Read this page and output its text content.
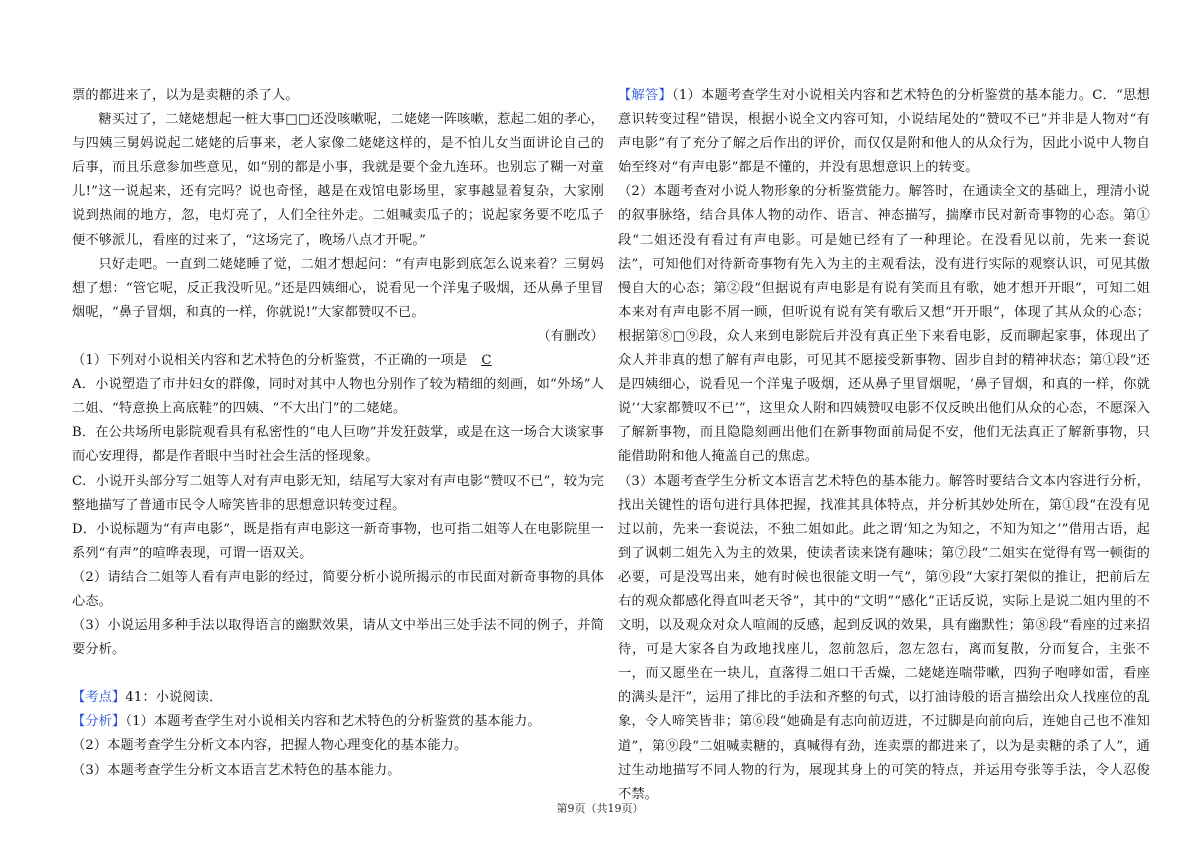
票的都进来了，以为是卖糖的杀了人。

糖买过了，二姥姥想起一桩大事□□还没咳嗽呢，二姥姥一阵咳嗽，惹起二姐的孝心，与四姨三舅妈说起二姥姥的后事来，老人家像二姥姥这样的，是不怕儿女当面讲论自己的后事，而且乐意参加些意见，如“别的都是小事，我就是要个金九连环。也别忘了糊一对童儿!”这一说起来，还有完吗？说也奇怪，越是在戏馆电影场里，家事越显着复杂，大家刚说到热闹的地方，忽，电灯亮了，人们全往外走。二姐喊卖瓜子的；说起家务要不吃瓜子便不够派儿，看座的过来了，“这场完了，晚场八点才开呢。”

只好走吧。一直到二姥姥睡了觉，二姐才想起问：“有声电影到底怎么说来着？三舅妈想了想：“管它呢，反正我没听见。”还是四姨细心，说看见一个洋鬼子吸烟，还从鼻子里冒烟呢，“鼻子冒烟，和真的一样，你就说!”大家都赞叹不已。

（有删改）

（1）下列对小说相关内容和艺术特色的分析鉴赏，不正确的一项是 C

A．小说塑造了市井妇女的群像，同时对其中人物也分别作了较为精细的刻画，如“外场”人二姐、“特意换上高底鞋”的四姨、“不大出门”的二姥姥。

B．在公共场所电影院观看具有私密性的“电人巨吻”并发狂鼓掌，或是在这一场合大谈家事而心安理得，都是作者眼中当时社会生活的怪现象。

C．小说开头部分写二姐等人对有声电影无知，结尾写大家对有声电影“赞叹不已”，较为完整地描写了普通市民令人啼笑皆非的思想意识转变过程。

D．小说标题为“有声电影”，既是指有声电影这一新奇事物，也可指二姐等人在电影院里一系列“有声”的喧哗表现，可谓一语双关。

（2）请结合二姐等人看有声电影的经过，简要分析小说所揭示的市民面对新奇事物的具体心态。

（3）小说运用多种手法以取得语言的幽默效果，请从文中举出三处手法不同的例子，并简要分析。

【考点】41：小说阅读．

【分析】（1）本题考查学生对小说相关内容和艺术特色的分析鉴赏的基本能力。

（2）本题考查学生分析文本内容，把握人物心理变化的基本能力。

（3）本题考查学生分析文本语言艺术特色的基本能力。

【解答】（1）本题考查学生对小说相关内容和艺术特色的分析鉴赏的基本能力。C．“思想意识转变过程”错误，根据小说全文内容可知，小说结尾处的“赞叹不已”并非是人物对“有声电影”有了充分了解之后作出的评价，而仅仅是附和他人的从众行为，因此小说中人物自始至终对“有声电影”都是不懂的，并没有思想意识上的转变。

（2）本题考查对小说人物形象的分析鉴赏能力。解答时，在通读全文的基础上，理清小说的叙事脉络，结合具体人物的动作、语言、神态描写，揣摩市民对新奇事物的心态。第①段“二姐还没有看过有声电影。可是她已经有了一种理论。在没看见以前，先来一套说法”，可知他们对待新奇事物有先入为主的主观看法，没有进行实际的观察认识，可见其傲慢自大的心态；第②段“但据说有声电影是有说有笑而且有歌，她才想开开眼”，可知二姐本来对有声电影不屑一顾，但听说有说有笑有歌后又想“开开眼”，体现了其从众的心态；根据第⑧□⑨段，众人来到电影院后并没有真正坐下来看电影，反而聊起家事，体现出了众人并非真的想了解有声电影，可见其不愿接受新事物、固步自封的精神状态；第①段“还是四姨细心，说看见一个洋鬼子吸烟，还从鼻子里冒烟呢，‘鼻子冒烟，和真的一样，你就说’‘大家都赞叹不已’”，这里众人附和四姨赞叹电影不仅反映出他们从众的心态，不愿深入了解新事物，而且隐隐刻画出他们在新事物面前局促不安，他们无法真正了解新事物，只能借助附和他人掩盖自己的焦虑。

（3）本题考查学生分析文本语言艺术特色的基本能力。解答时要结合文本内容进行分析，找出关键性的语句进行具体把握，找准其具体特点，并分析其妙处所在，第①段“在没有见过以前，先来一套说法，不独二姐如此。此之谓‘知之为知之，不知为知之’”借用古语，起到了讽刺二姐先入为主的效果，使读者读来饶有趣味；第⑦段“二姐实在觉得有骂一顿街的必要，可是没骂出来，她有时候也很能文明一气”，第⑨段“大家打架似的推让，把前后左右的观众都感化得直叫老天爷”，其中的“文明”“感化”正话反说，实际上是说二姐内里的不文明，以及观众对众人喧闹的反感，起到反讽的效果，具有幽默性；第⑧段“看座的过来招待，可是大家各自为政地找座儿，忽前忽后，忽左忽右，离而复散，分而复合，主张不一，而又愿坐在一块儿，直落得二姐口干舌燥，二姥姥连喘带嗽，四狗子咆哮如雷，看座的满头是汗”，运用了排比的手法和齐整的句式，以打油诗般的语言描绘出众人找座位的乱象，令人啼笑皆非；第⑥段“她确是有志向前迈进，不过脚是向前向后，连她自己也不准知道”，第⑨段“二姐喊卖糖的，真喊得有劲，连卖票的都进来了，以为是卖糖的杀了人”，通过生动地描写不同人物的行为，展现其身上的可笑的特点，并运用夸张等手法，令人忍俊不禁。

第9页（共19页）
